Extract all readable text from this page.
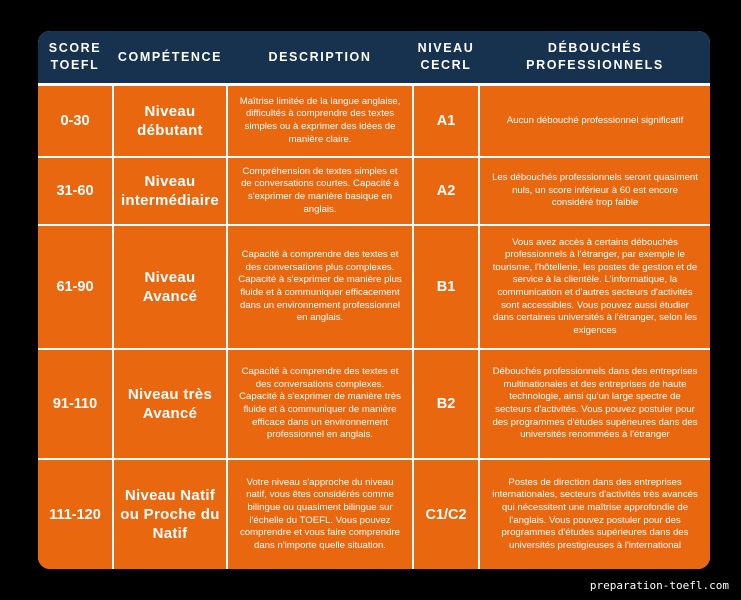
SCORE TOEFL
COMPÉTENCE	DESCRIPTION
NIVEAU CECRL
DÉBOUCHÉS PROFESSIONNELS
0-30
Niveau débutant
Maîtrise limitée de la langue anglaise, difficultés à comprendre des textes simples ou à exprimer des idées de manière claire.
A1	Aucun débouché professionnel significatif
31-60
Niveau intermédiaire
Compréhension de textes simples et de conversations courtes. Capacité à s'exprimer de manière basique en anglais.
A2
Les débouchés professionnels seront quasiment nuls, un score inférieur à 60 est encore considéré trop faible
61-90
Niveau Avancé
Capacité à comprendre des textes et des conversations plus complexes. Capacité à s'exprimer de manière plus fluide et à communiquer efficacement dans un environnement professionnel en anglais.
B1
Vous avez accès à certains débouchés professionnels à l'étranger, par exemple le tourisme, l'hôtellerie, les postes de gestion et de service à la clientèle. L'informatique, la communication et d'autres secteurs d'activités sont accessibles. Vous pouvez aussi étudier dans certaines universités à l'étranger, selon les exigences
91-110
Niveau très Avancé
Capacité à comprendre des textes et des conversations complexes. Capacité à s'exprimer de manière très fluide et à communiquer de manière efficace dans un environnement professionnel en anglais.
B2
Débouchés professionnels dans des entreprises multinationales et des entreprises de haute technologie, ainsi qu'un large spectre de secteurs d'activités. Vous pouvez postuler pour des programmes d'études supérieures dans des universités renommées à l'étranger
111-120
Niveau Natif ou Proche du Natif
Votre niveau s'approche du niveau natif, vous êtes considérés comme bilingue ou quasiment bilingue sur l'échelle du TOEFL. Vous pouvez comprendre et vous faire comprendre dans n'importe quelle situation.
C1/C2
Postes de direction dans des entreprises internationales, secteurs d'activités très avancés qui nécessitent une maîtrise approfondie de l'anglais. Vous pouvez postuler pour des programmes d'études supérieures dans des universités prestigieuses à l'international
preparation-toefl.com
